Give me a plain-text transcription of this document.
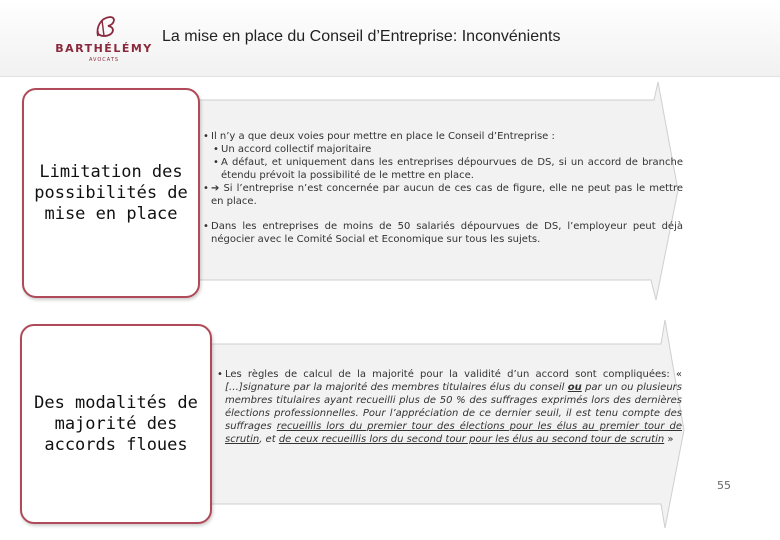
BARTHÉLÉMY
AVOCATS
La mise en place du Conseil d’Entreprise: Inconvénients
Limitation des possibilités de mise en place
Des modalités de majorité des accords floues
• Il n’y a que deux voies pour mettre en place le Conseil d’Entreprise :
• Un accord collectif majoritaire
• A défaut, et uniquement dans les entreprises dépourvues de DS, si un accord de branche étendu prévoit la possibilité de le mettre en place.
• ➔ Si l’entreprise n’est concernée par aucun de ces cas de figure, elle ne peut pas le mettre en place.
• Dans les entreprises de moins de 50 salariés dépourvues de DS, l’employeur peut déjà négocier avec le Comité Social et Economique sur tous les sujets.
• Les règles de calcul de la majorité pour la validité d’un accord sont compliquées: « […]signature par la majorité des membres titulaires élus du conseil ou par un ou plusieurs membres titulaires ayant recueilli plus de 50 % des suffrages exprimés lors des dernières élections professionnelles. Pour l’appréciation de ce dernier seuil, il est tenu compte des suffrages recueillis lors du premier tour des élections pour les élus au premier tour de scrutin, et de ceux recueillis lors du second tour pour les élus au second tour de scrutin »
55
